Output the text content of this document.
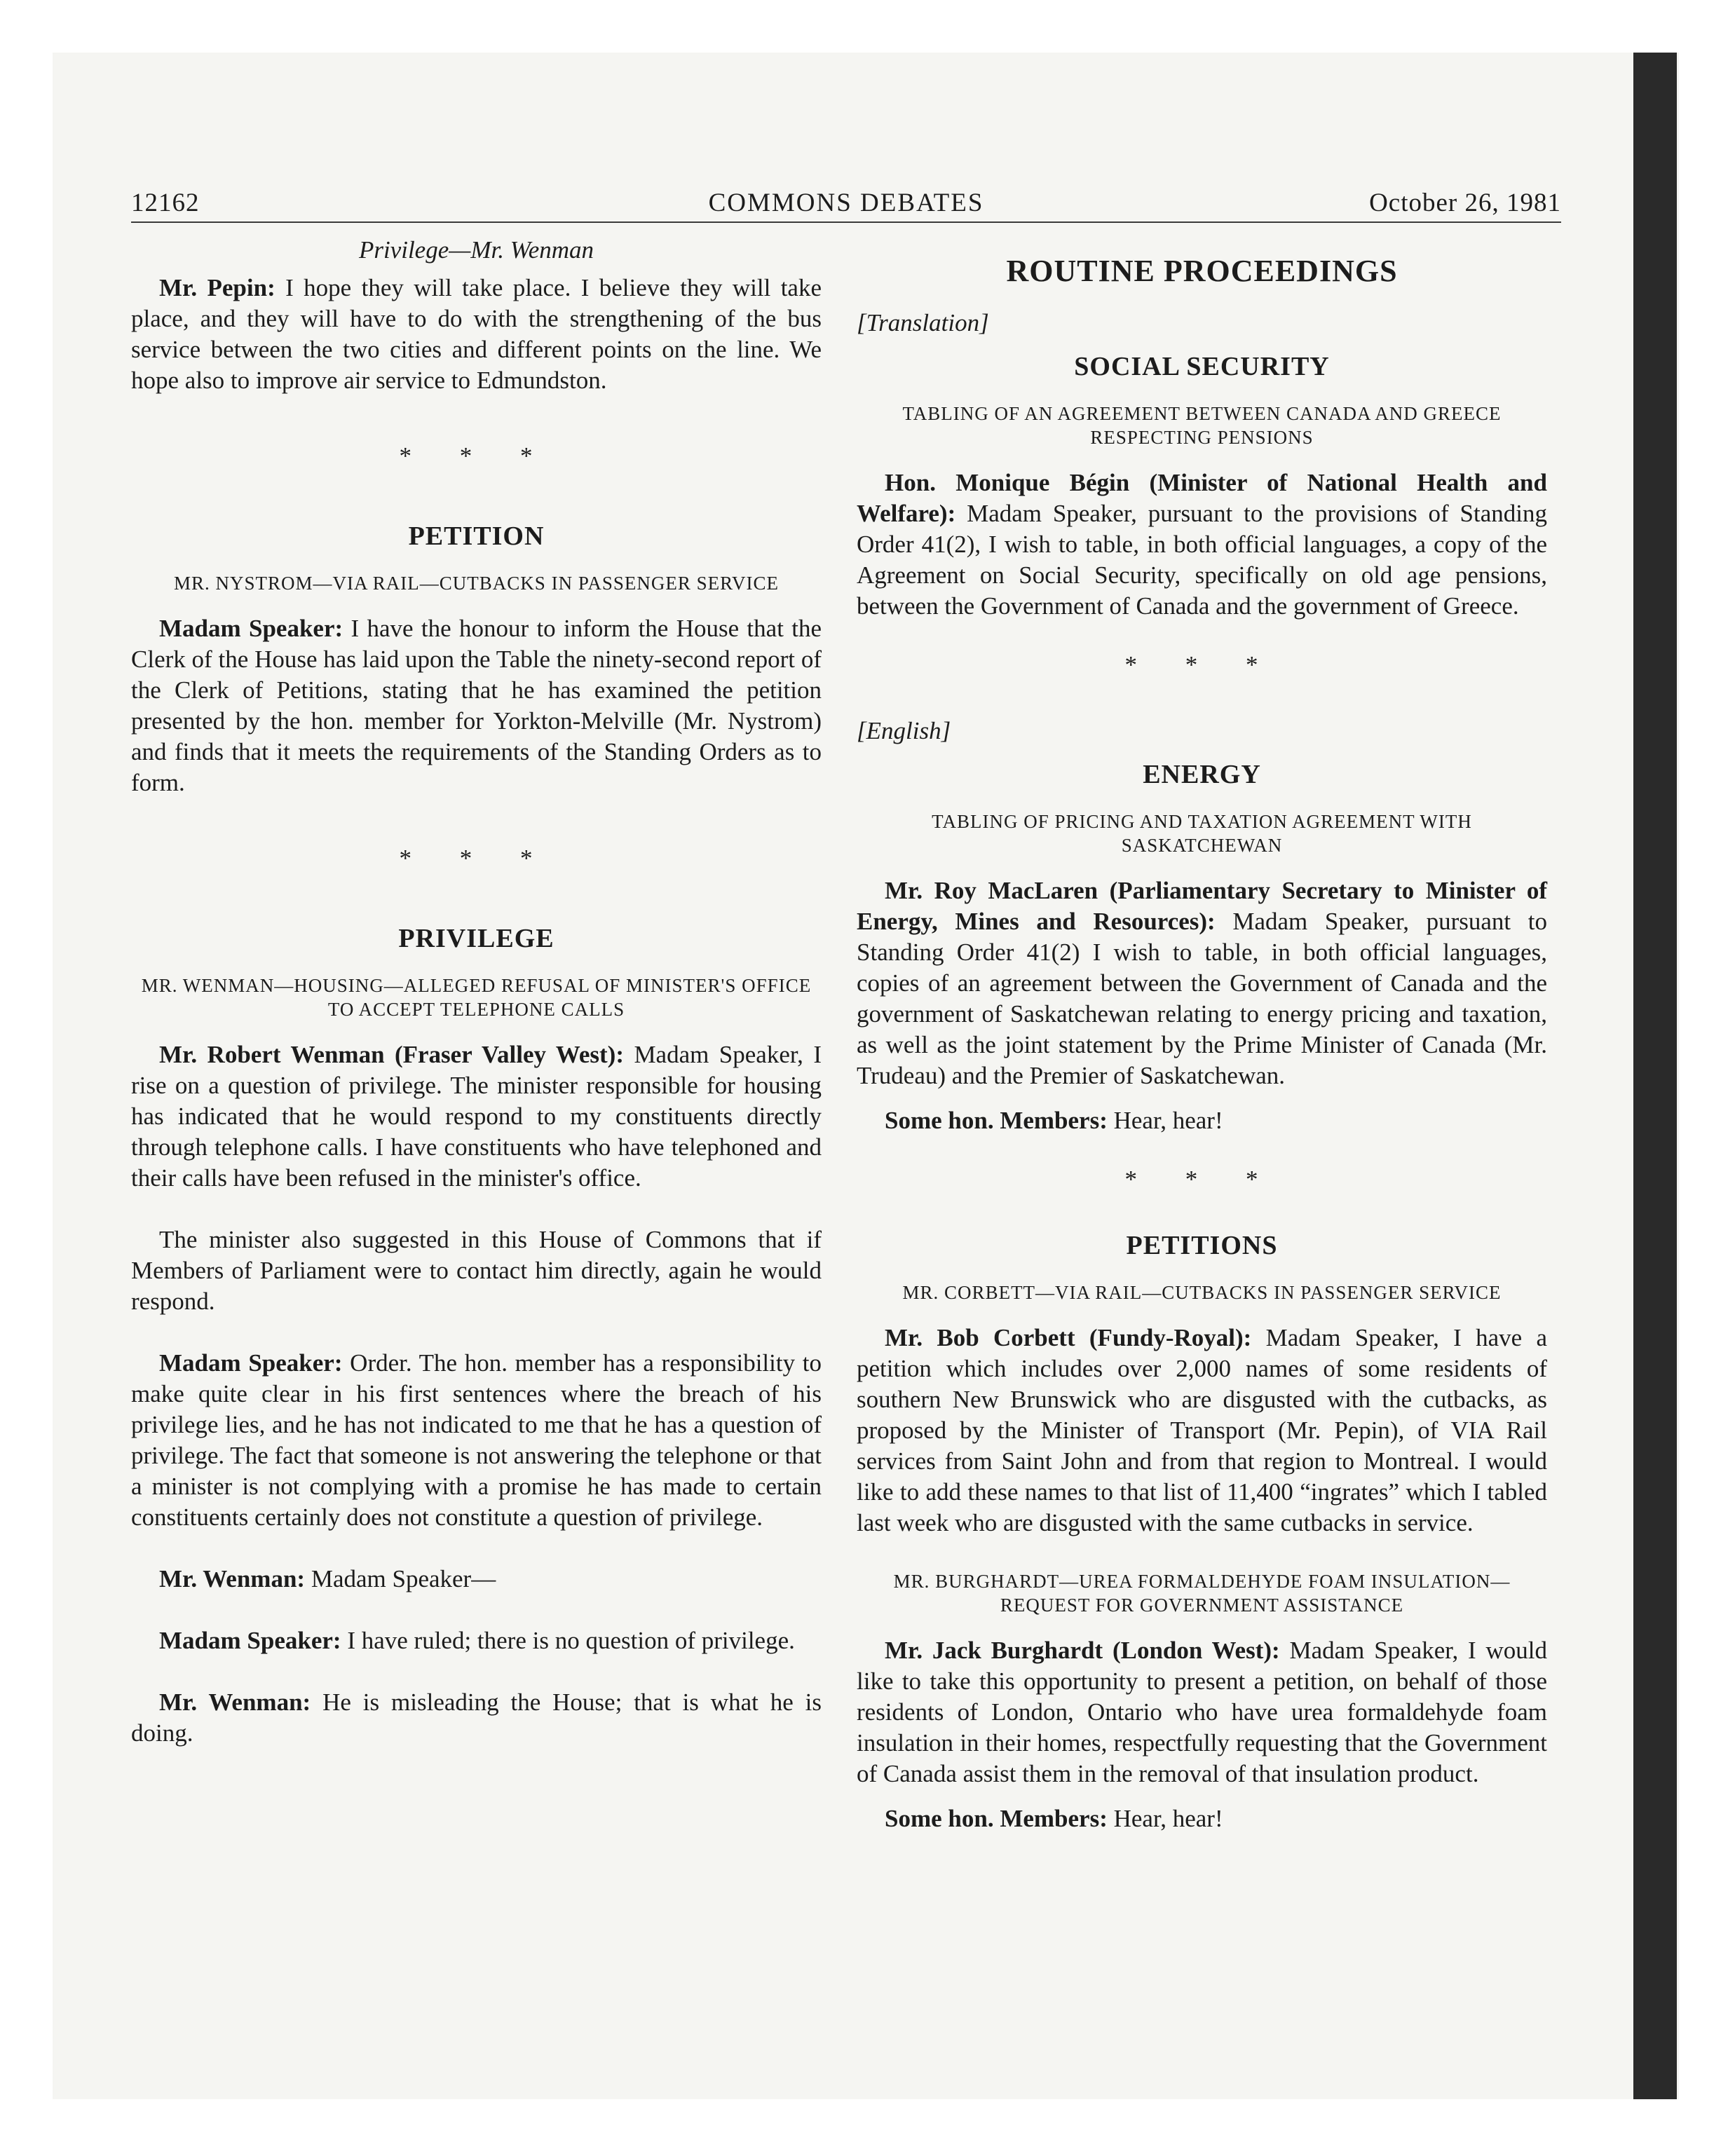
12162	COMMONS DEBATES	October 26, 1981

Privilege—Mr. Wenman

Mr. Pepin: I hope they will take place. I believe they will take place, and they will have to do with the strengthening of the bus service between the two cities and different points on the line. We hope also to improve air service to Edmundston.

* * *

PETITION
MR. NYSTROM—VIA RAIL—CUTBACKS IN PASSENGER SERVICE

Madam Speaker: I have the honour to inform the House that the Clerk of the House has laid upon the Table the ninety-second report of the Clerk of Petitions, stating that he has examined the petition presented by the hon. member for Yorkton-Melville (Mr. Nystrom) and finds that it meets the requirements of the Standing Orders as to form.

* * *

PRIVILEGE
MR. WENMAN—HOUSING—ALLEGED REFUSAL OF MINISTER'S OFFICE TO ACCEPT TELEPHONE CALLS

Mr. Robert Wenman (Fraser Valley West): Madam Speaker, I rise on a question of privilege. The minister responsible for housing has indicated that he would respond to my constituents directly through telephone calls. I have constituents who have telephoned and their calls have been refused in the minister's office.

The minister also suggested in this House of Commons that if Members of Parliament were to contact him directly, again he would respond.

Madam Speaker: Order. The hon. member has a responsibility to make quite clear in his first sentences where the breach of his privilege lies, and he has not indicated to me that he has a question of privilege. The fact that someone is not answering the telephone or that a minister is not complying with a promise he has made to certain constituents certainly does not constitute a question of privilege.

Mr. Wenman: Madam Speaker—

Madam Speaker: I have ruled; there is no question of privilege.

Mr. Wenman: He is misleading the House; that is what he is doing.

ROUTINE PROCEEDINGS

[Translation]

SOCIAL SECURITY
TABLING OF AN AGREEMENT BETWEEN CANADA AND GREECE RESPECTING PENSIONS

Hon. Monique Bégin (Minister of National Health and Welfare): Madam Speaker, pursuant to the provisions of Standing Order 41(2), I wish to table, in both official languages, a copy of the Agreement on Social Security, specifically on old age pensions, between the Government of Canada and the government of Greece.

* * *

[English]

ENERGY
TABLING OF PRICING AND TAXATION AGREEMENT WITH SASKATCHEWAN

Mr. Roy MacLaren (Parliamentary Secretary to Minister of Energy, Mines and Resources): Madam Speaker, pursuant to Standing Order 41(2) I wish to table, in both official languages, copies of an agreement between the Government of Canada and the government of Saskatchewan relating to energy pricing and taxation, as well as the joint statement by the Prime Minister of Canada (Mr. Trudeau) and the Premier of Saskatchewan.

Some hon. Members: Hear, hear!

* * *

PETITIONS
MR. CORBETT—VIA RAIL—CUTBACKS IN PASSENGER SERVICE

Mr. Bob Corbett (Fundy-Royal): Madam Speaker, I have a petition which includes over 2,000 names of some residents of southern New Brunswick who are disgusted with the cutbacks, as proposed by the Minister of Transport (Mr. Pepin), of VIA Rail services from Saint John and from that region to Montreal. I would like to add these names to that list of 11,400 “ingrates” which I tabled last week who are disgusted with the same cutbacks in service.

MR. BURGHARDT—UREA FORMALDEHYDE FOAM INSULATION—REQUEST FOR GOVERNMENT ASSISTANCE

Mr. Jack Burghardt (London West): Madam Speaker, I would like to take this opportunity to present a petition, on behalf of those residents of London, Ontario who have urea formaldehyde foam insulation in their homes, respectfully requesting that the Government of Canada assist them in the removal of that insulation product.

Some hon. Members: Hear, hear!
